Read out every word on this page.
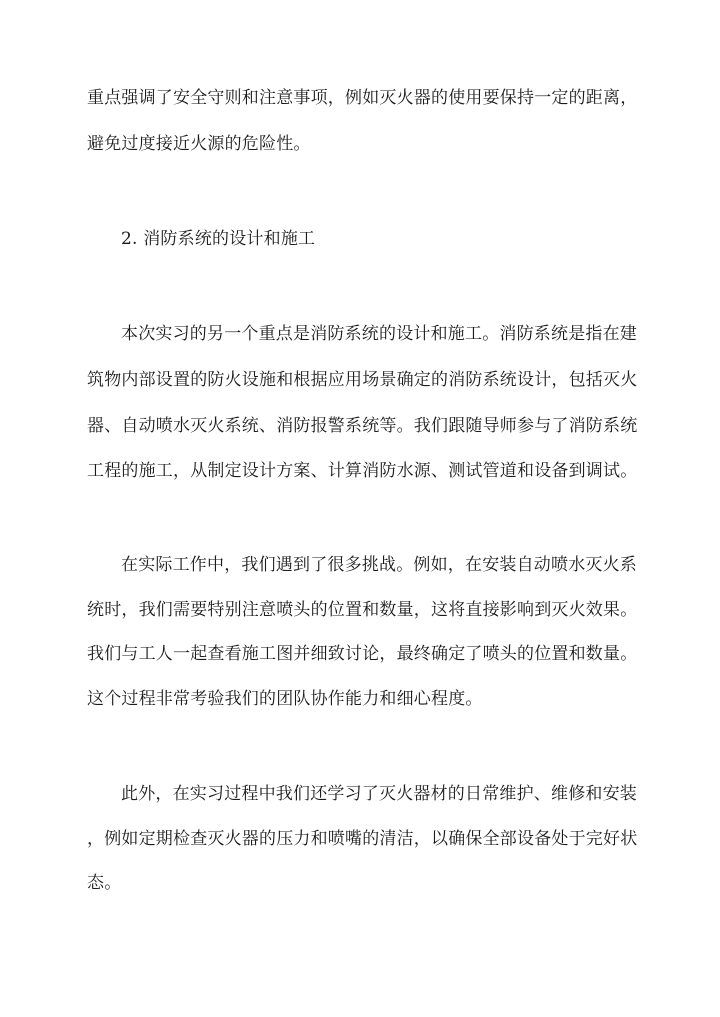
重点强调了安全守则和注意事项，例如灭火器的使用要保持一定的距离，
避免过度接近火源的危险性。
2. 消防系统的设计和施工
本次实习的另一个重点是消防系统的设计和施工。消防系统是指在建
筑物内部设置的防火设施和根据应用场景确定的消防系统设计，包括灭火
器、自动喷水灭火系统、消防报警系统等。我们跟随导师参与了消防系统
工程的施工，从制定设计方案、计算消防水源、测试管道和设备到调试。
在实际工作中，我们遇到了很多挑战。例如，在安装自动喷水灭火系
统时，我们需要特别注意喷头的位置和数量，这将直接影响到灭火效果。
我们与工人一起查看施工图并细致讨论，最终确定了喷头的位置和数量。
这个过程非常考验我们的团队协作能力和细心程度。
此外，在实习过程中我们还学习了灭火器材的日常维护、维修和安装
，例如定期检查灭火器的压力和喷嘴的清洁，以确保全部设备处于完好状
态。
